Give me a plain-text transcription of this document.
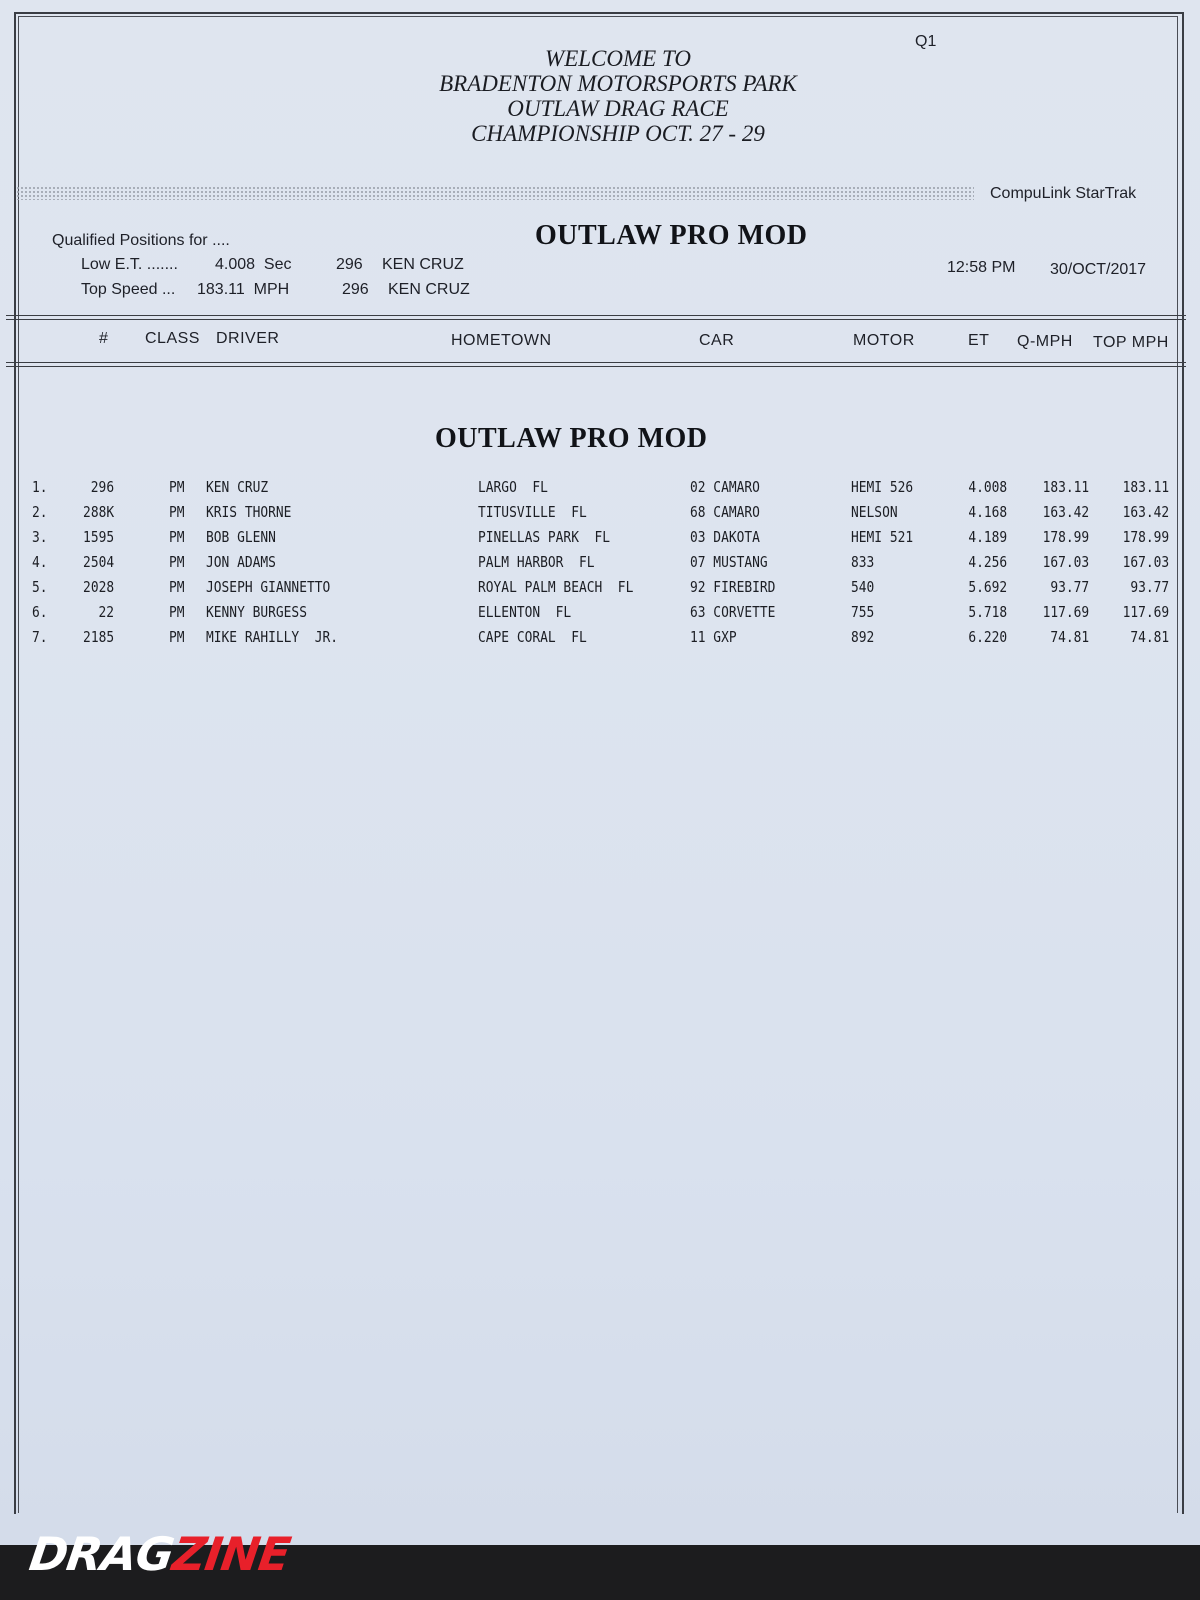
Q1
WELCOME TO
BRADENTON MOTORSPORTS PARK
OUTLAW DRAG RACE
CHAMPIONSHIP OCT. 27 - 29
CompuLink StarTrak
Qualified Positions for ....
Low E.T. ....... 4.008  Sec	296 KEN CRUZ
Top Speed ... 183.11  MPH	296 KEN CRUZ
OUTLAW PRO MOD
12:58 PM 30/OCT/2017
# CLASS DRIVER	HOMETOWN	CAR	MOTOR	ET Q-MPH TOP MPH
OUTLAW PRO MOD
1.	296	PM KEN CRUZ	LARGO  FL	02 CAMARO	HEMI 526	4.008 183.11 183.11
2. 288K	PM KRIS THORNE	TITUSVILLE  FL	68 CAMARO	NELSON	4.168 163.42 163.42
3. 1595	PM BOB GLENN	PINELLAS PARK  FL	03 DAKOTA	HEMI 521	4.189 178.99 178.99
4. 2504	PM JON ADAMS	PALM HARBOR  FL	07 MUSTANG	833	4.256 167.03 167.03
5. 2028	PM JOSEPH GIANNETTO	ROYAL PALM BEACH  FL	92 FIREBIRD	540	5.692	93.77	93.77
6.	22	PM KENNY BURGESS	ELLENTON  FL	63 CORVETTE	755	5.718 117.69 117.69
7. 2185	PM MIKE RAHILLY  JR.	CAPE CORAL  FL	11 GXP	892	6.220	74.81	74.81
DRAGZINE
